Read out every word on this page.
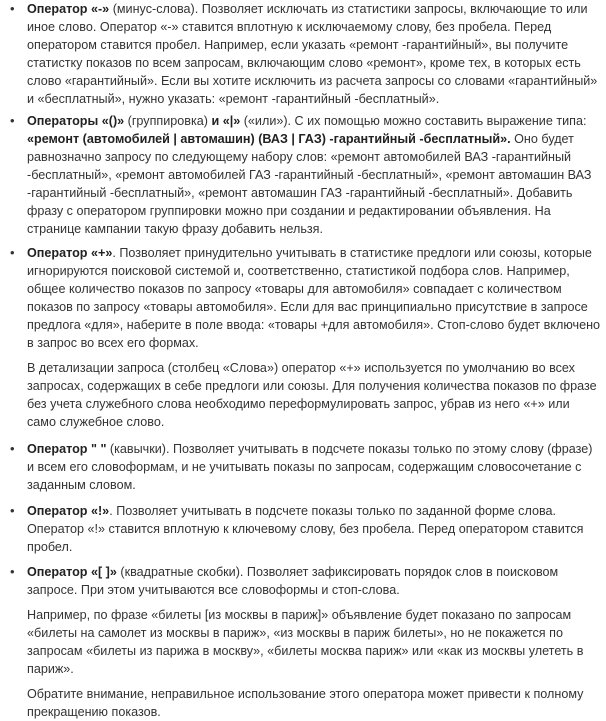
• Оператор «-» (минус-слова). Позволяет исключать из статистики запросы, включающие то или иное слово. Оператор «-» ставится вплотную к исключаемому слову, без пробела. Перед оператором ставится пробел. Например, если указать «ремонт -гарантийный», вы получите статистку показов по всем запросам, включающим слово «ремонт», кроме тех, в которых есть слово «гарантийный». Если вы хотите исключить из расчета запросы со словами «гарантийный» и «бесплатный», нужно указать: «ремонт -гарантийный -бесплатный».

• Операторы «()» (группировка) и «|» («или»). С их помощью можно составить выражение типа: «ремонт (автомобилей | автомашин) (ВАЗ | ГАЗ) -гарантийный -бесплатный». Оно будет равнозначно запросу по следующему набору слов: «ремонт автомобилей ВАЗ -гарантийный -бесплатный», «ремонт автомобилей ГАЗ -гарантийный -бесплатный», «ремонт автомашин ВАЗ -гарантийный -бесплатный», «ремонт автомашин ГАЗ -гарантийный -бесплатный». Добавить фразу с оператором группировки можно при создании и редактировании объявления. На странице кампании такую фразу добавить нельзя.

• Оператор «+». Позволяет принудительно учитывать в статистике предлоги или союзы, которые игнорируются поисковой системой и, соответственно, статистикой подбора слов. Например, общее количество показов по запросу «товары для автомобиля» совпадает с количеством показов по запросу «товары автомобиля». Если для вас принципиально присутствие в запросе предлога «для», наберите в поле ввода: «товары +для автомобиля». Стоп-слово будет включено в запрос во всех его формах.

В детализации запроса (столбец «Слова») оператор «+» используется по умолчанию во всех запросах, содержащих в себе предлоги или союзы. Для получения количества показов по фразе без учета служебного слова необходимо переформулировать запрос, убрав из него «+» или само служебное слово.

• Оператор " " (кавычки). Позволяет учитывать в подсчете показы только по этому слову (фразе) и всем его словоформам, и не учитывать показы по запросам, содержащим словосочетание с заданным словом.

• Оператор «!». Позволяет учитывать в подсчете показы только по заданной форме слова. Оператор «!» ставится вплотную к ключевому слову, без пробела. Перед оператором ставится пробел.

• Оператор «[ ]» (квадратные скобки). Позволяет зафиксировать порядок слов в поисковом запросе. При этом учитываются все словоформы и стоп-слова.

Например, по фразе «билеты [из москвы в париж]» объявление будет показано по запросам «билеты на самолет из москвы в париж», «из москвы в париж билеты», но не покажется по запросам «билеты из парижа в москву», «билеты москва париж» или «как из москвы улететь в париж».

Обратите внимание, неправильное использование этого оператора может привести к полному прекращению показов.
